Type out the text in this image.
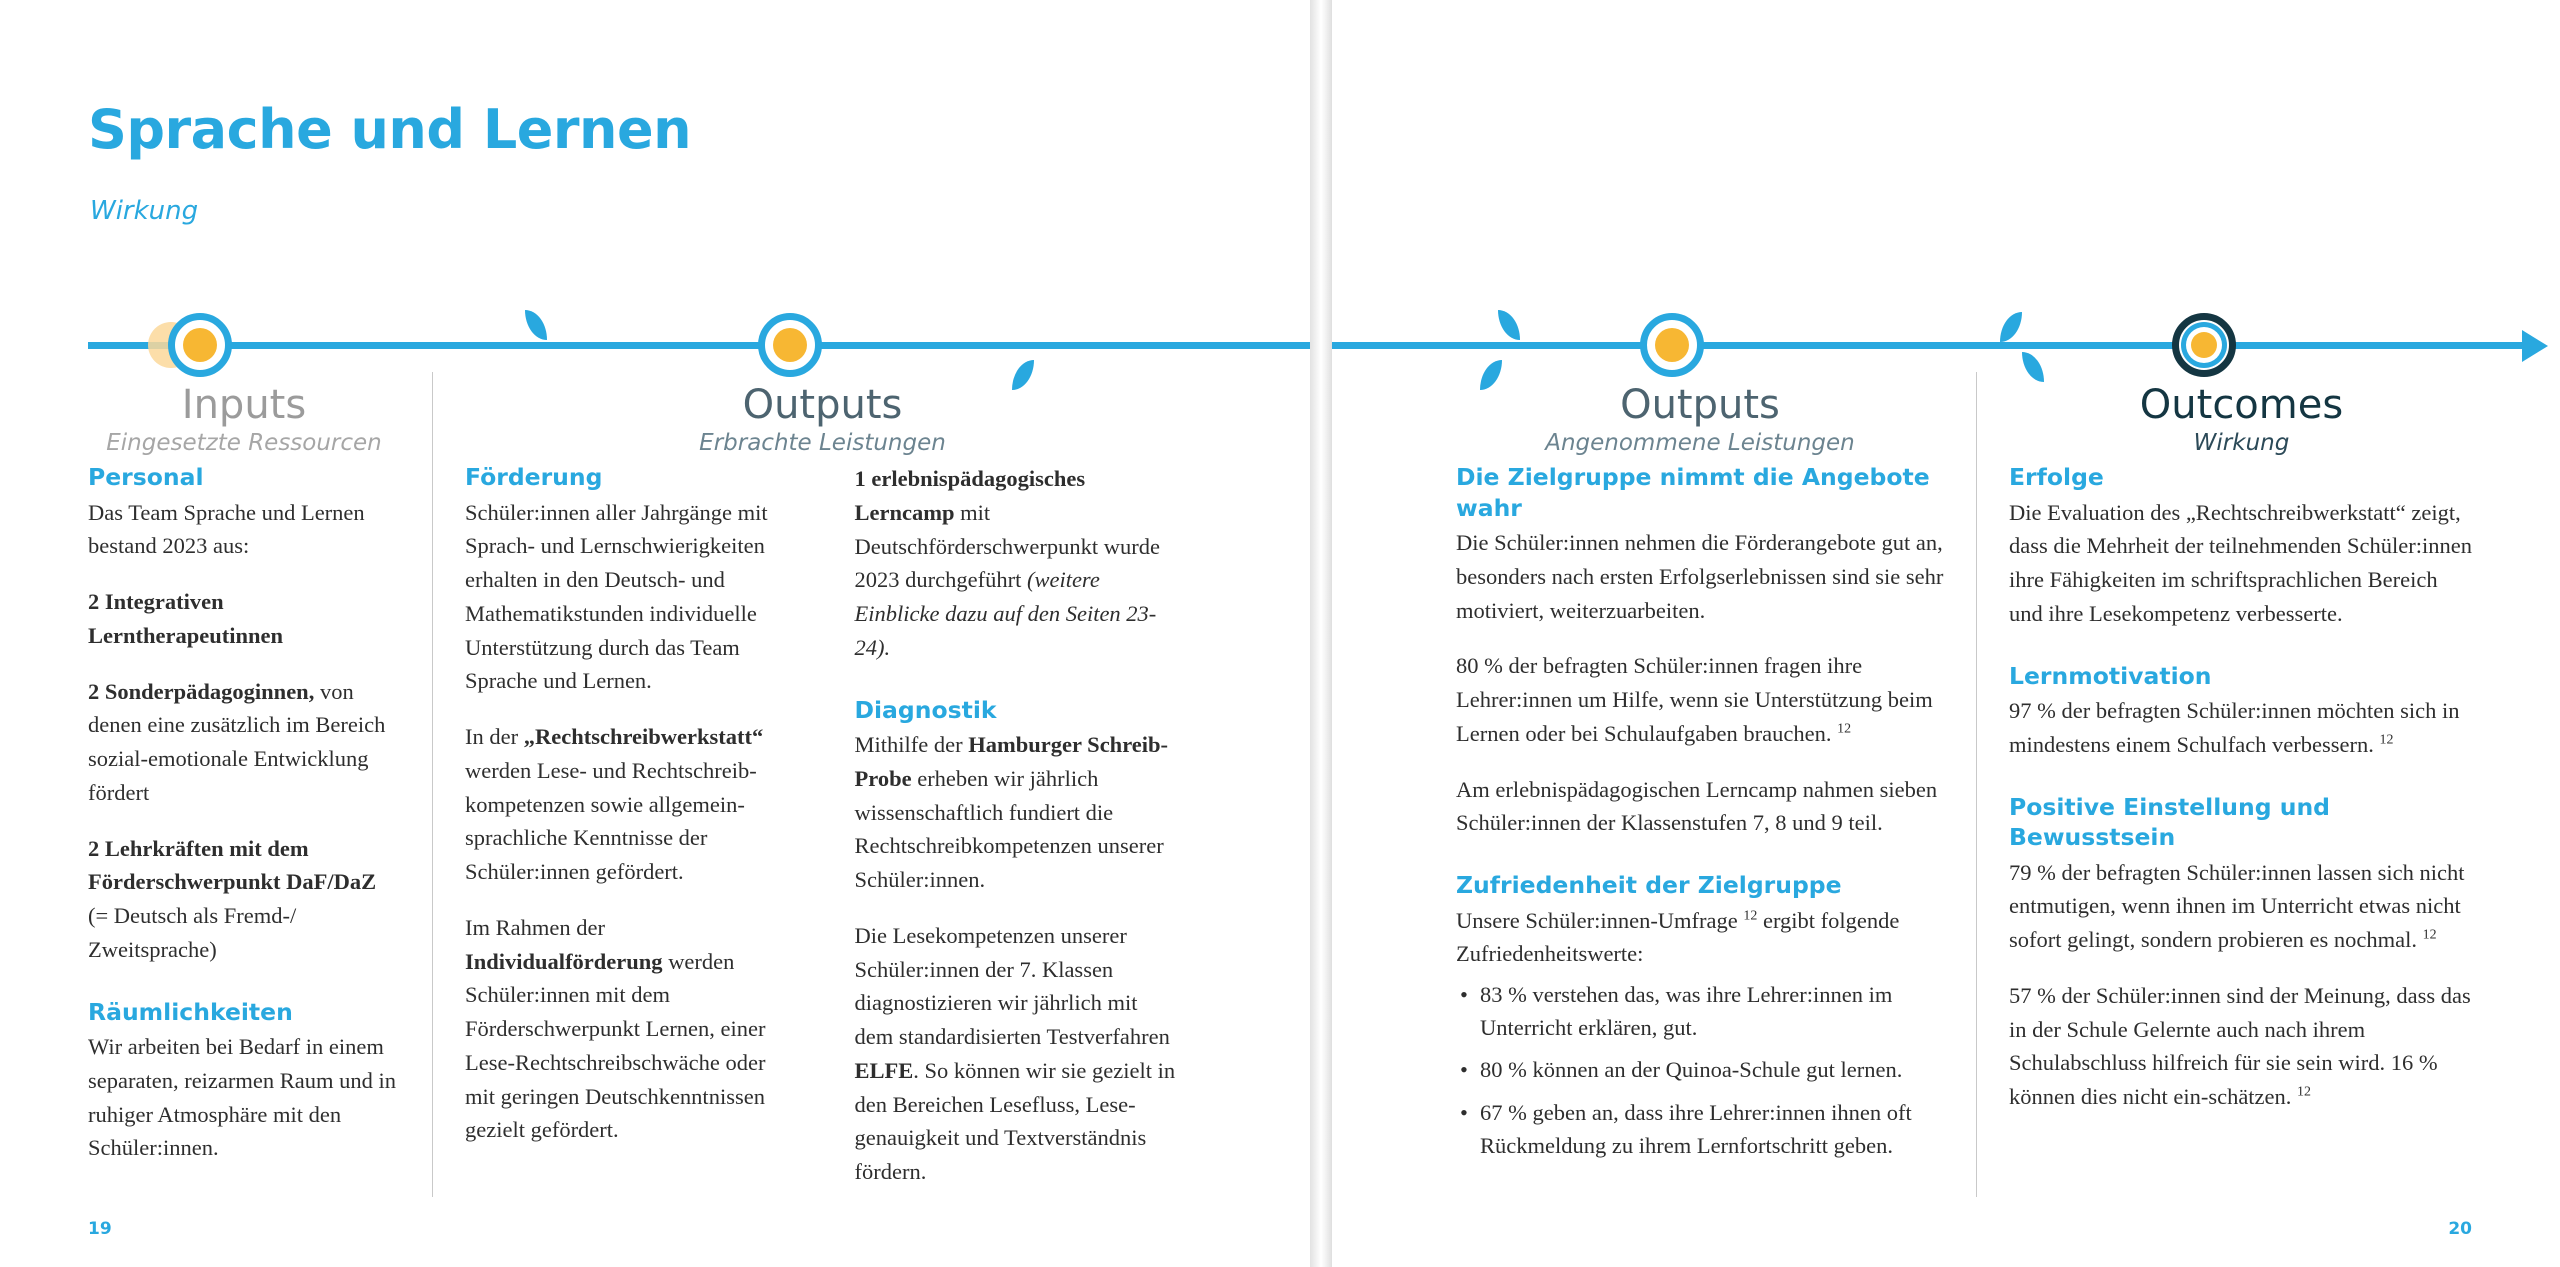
Sprache und Lernen
Wirkung
Inputs
Eingesetzte Ressourcen
Personal

Das Team Sprache und Lernen bestand 2023 aus:

2 Integrativen Lerntherapeutinnen

2 Sonderpädagoginnen, von denen eine zusätzlich im Bereich sozial-emotionale Entwicklung fördert

2 Lehrkräften mit dem Förderschwerpunkt DaF/DaZ (= Deutsch als Fremd-/ Zweitsprache)

Räumlichkeiten

Wir arbeiten bei Bedarf in einem separaten, reizarmen Raum und in ruhiger Atmosphäre mit den Schüler:innen.

Outputs
Erbrachte Leistungen
Förderung

Schüler:innen aller Jahrgänge mit Sprach- und Lernschwierigkeiten erhalten in den Deutsch- und Mathematikstunden individuelle Unterstützung durch das Team Sprache und Lernen.

In der „Rechtschreibwerkstatt“ werden Lese- und Rechtschreib-kompetenzen sowie allgemein-sprachliche Kenntnisse der Schüler:innen gefördert.

Im Rahmen der Individualförderung werden Schüler:innen mit dem Förderschwerpunkt Lernen, einer Lese-Rechtschreibschwäche oder mit geringen Deutschkenntnissen gezielt gefördert.

1 erlebnispädagogisches Lerncamp mit Deutschförderschwerpunkt wurde 2023 durchgeführt (weitere Einblicke dazu auf den Seiten 23-24).

Diagnostik

Mithilfe der Hamburger Schreib-Probe erheben wir jährlich wissenschaftlich fundiert die Rechtschreibkompetenzen unserer Schüler:innen.

Die Lesekompetenzen unserer Schüler:innen der 7. Klassen diagnostizieren wir jährlich mit dem standardisierten Testverfahren ELFE. So können wir sie gezielt in den Bereichen Lesefluss, Lese-genauigkeit und Textverständnis fördern.

19
Outputs
Angenommene Leistungen
Die Zielgruppe nimmt die Angebote wahr

Die Schüler:innen nehmen die Förderangebote gut an, besonders nach ersten Erfolgserlebnissen sind sie sehr motiviert, weiterzuarbeiten.

80 % der befragten Schüler:innen fragen ihre Lehrer:innen um Hilfe, wenn sie Unterstützung beim Lernen oder bei Schulaufgaben brauchen. $^{12}$

Am erlebnispädagogischen Lerncamp nahmen sieben Schüler:innen der Klassenstufen 7, 8 und 9 teil.

Zufriedenheit der Zielgruppe

Unsere Schüler:innen-Umfrage $^{12}$ ergibt folgende Zufriedenheitswerte:

• 83 % verstehen das, was ihre Lehrer:innen im Unterricht erklären, gut.
• 80 % können an der Quinoa-Schule gut lernen.
• 67 % geben an, dass ihre Lehrer:innen ihnen oft Rückmeldung zu ihrem Lernfortschritt geben.
Outcomes
Wirkung
Erfolge

Die Evaluation des „Rechtschreibwerkstatt“ zeigt, dass die Mehrheit der teilnehmenden Schüler:innen ihre Fähigkeiten im schriftsprachlichen Bereich und ihre Lesekompetenz verbesserte.

Lernmotivation

97 % der befragten Schüler:innen möchten sich in mindestens einem Schulfach verbessern. $^{12}$

Positive Einstellung und Bewusstsein

79 % der befragten Schüler:innen lassen sich nicht entmutigen, wenn ihnen im Unterricht etwas nicht sofort gelingt, sondern probieren es nochmal. $^{12}$

57 % der Schüler:innen sind der Meinung, dass das in der Schule Gelernte auch nach ihrem Schulabschluss hilfreich für sie sein wird. 16 % können dies nicht ein-schätzen. $^{12}$

20
